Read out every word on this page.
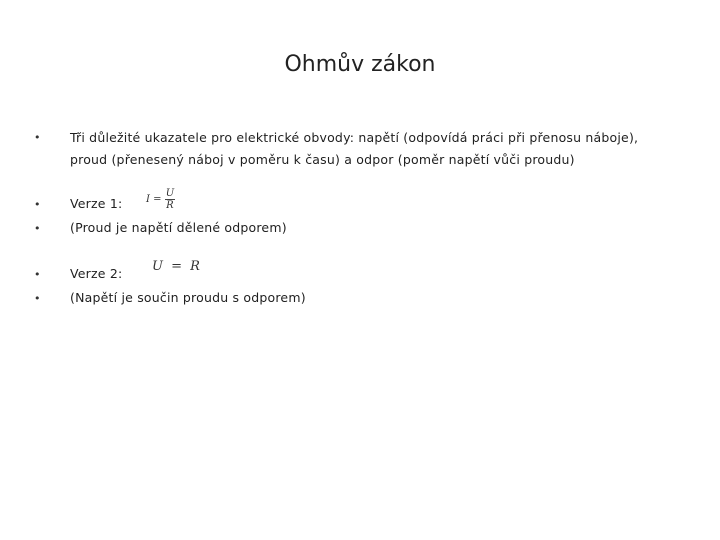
Ohmův zákon
• Tři důležité ukazatele pro elektrické obvody: napětí (odpovídá práci při přenosu náboje),
proud (přenesený náboj v poměru k času) a odpor (poměr napětí vůči proudu)
• Verze 1: $I = \frac{U}{R}$
• (Proud je napětí dělené odporem)
• Verze 2: U = R
• (Napětí je součin proudu s odporem)
